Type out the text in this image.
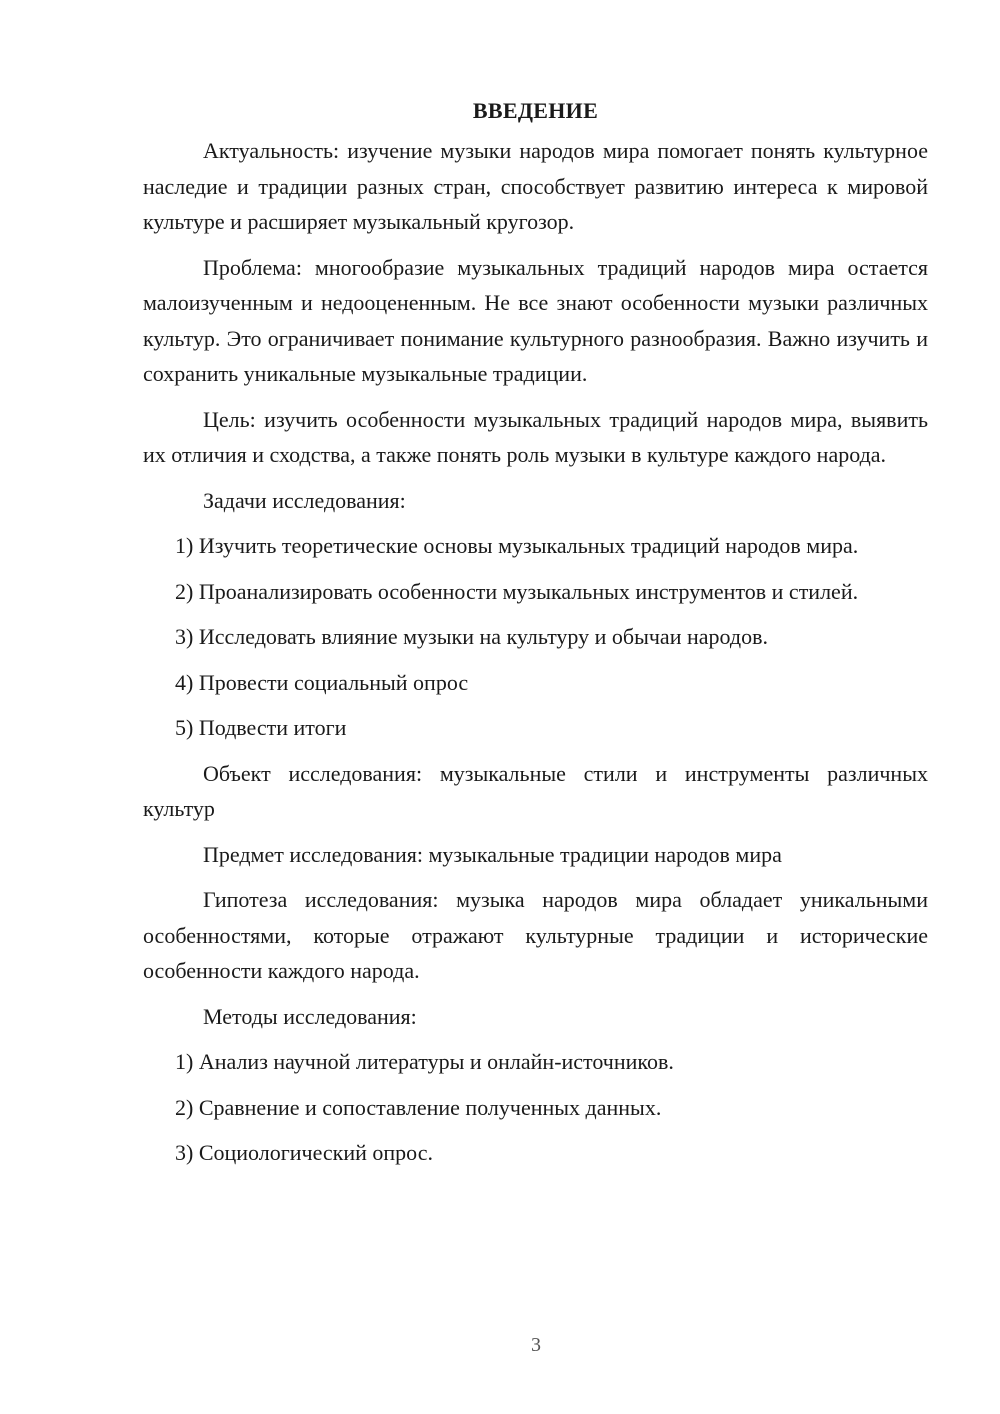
ВВЕДЕНИЕ

Актуальность: изучение музыки народов мира помогает понять культурное наследие и традиции разных стран, способствует развитию интереса к мировой культуре и расширяет музыкальный кругозор.

Проблема: многообразие музыкальных традиций народов мира остается малоизученным и недооцененным. Не все знают особенности музыки различных культур. Это ограничивает понимание культурного разнообразия. Важно изучить и сохранить уникальные музыкальные традиции.

Цель: изучить особенности музыкальных традиций народов мира, выявить их отличия и сходства, а также понять роль музыки в культуре каждого народа.

Задачи исследования:

1) Изучить теоретические основы музыкальных традиций народов мира.

2) Проанализировать особенности музыкальных инструментов и стилей.

3) Исследовать влияние музыки на культуру и обычаи народов.

4) Провести социальный опрос

5) Подвести итоги

Объект исследования: музыкальные стили и инструменты различных культур

Предмет исследования: музыкальные традиции народов мира

Гипотеза исследования: музыка народов мира обладает уникальными особенностями, которые отражают культурные традиции и исторические особенности каждого народа.

Методы исследования:

1) Анализ научной литературы и онлайн-источников.

2) Сравнение и сопоставление полученных данных.

3) Социологический опрос.

3
